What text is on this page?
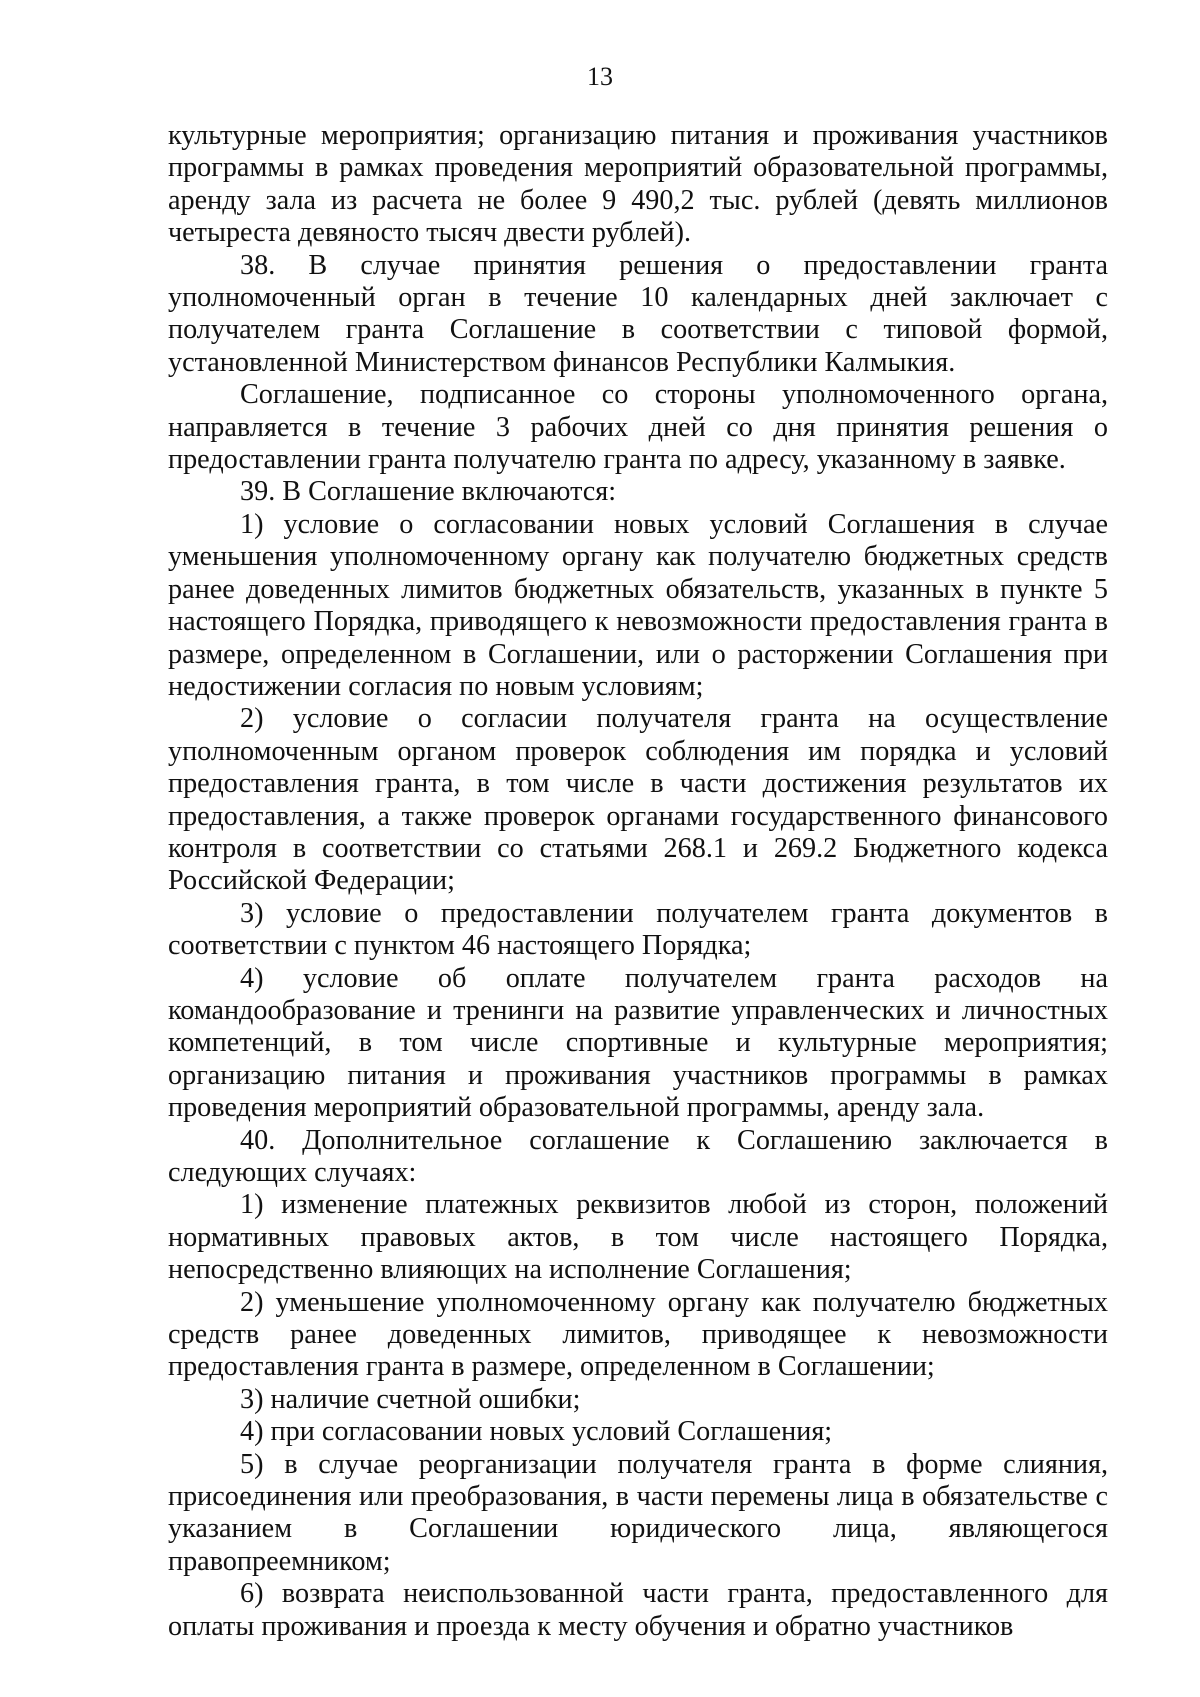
13

культурные мероприятия; организацию питания и проживания участников программы в рамках проведения мероприятий образовательной программы, аренду зала из расчета не более 9 490,2 тыс. рублей (девять миллионов четыреста девяносто тысяч двести рублей).

38. В случае принятия решения о предоставлении гранта уполномоченный орган в течение 10 календарных дней заключает с получателем гранта Соглашение в соответствии с типовой формой, установленной Министерством финансов Республики Калмыкия.

Соглашение, подписанное со стороны уполномоченного органа, направляется в течение 3 рабочих дней со дня принятия решения о предоставлении гранта получателю гранта по адресу, указанному в заявке.

39. В Соглашение включаются:

1) условие о согласовании новых условий Соглашения в случае уменьшения уполномоченному органу как получателю бюджетных средств ранее доведенных лимитов бюджетных обязательств, указанных в пункте 5 настоящего Порядка, приводящего к невозможности предоставления гранта в размере, определенном в Соглашении, или о расторжении Соглашения при недостижении согласия по новым условиям;

2) условие о согласии получателя гранта на осуществление уполномоченным органом проверок соблюдения им порядка и условий предоставления гранта, в том числе в части достижения результатов их предоставления, а также проверок органами государственного финансового контроля в соответствии со статьями 268.1 и 269.2 Бюджетного кодекса Российской Федерации;

3) условие о предоставлении получателем гранта документов в соответствии с пунктом 46 настоящего Порядка;

4) условие об оплате получателем гранта расходов на командообразование и тренинги на развитие управленческих и личностных компетенций, в том числе спортивные и культурные мероприятия; организацию питания и проживания участников программы в рамках проведения мероприятий образовательной программы, аренду зала.

40. Дополнительное соглашение к Соглашению заключается в следующих случаях:

1) изменение платежных реквизитов любой из сторон, положений нормативных правовых актов, в том числе настоящего Порядка, непосредственно влияющих на исполнение Соглашения;

2) уменьшение уполномоченному органу как получателю бюджетных средств ранее доведенных лимитов, приводящее к невозможности предоставления гранта в размере, определенном в Соглашении;

3) наличие счетной ошибки;

4) при согласовании новых условий Соглашения;

5) в случае реорганизации получателя гранта в форме слияния, присоединения или преобразования, в части перемены лица в обязательстве с указанием в Соглашении юридического лица, являющегося правопреемником;

6) возврата неиспользованной части гранта, предоставленного для оплаты проживания и проезда к месту обучения и обратно участников
